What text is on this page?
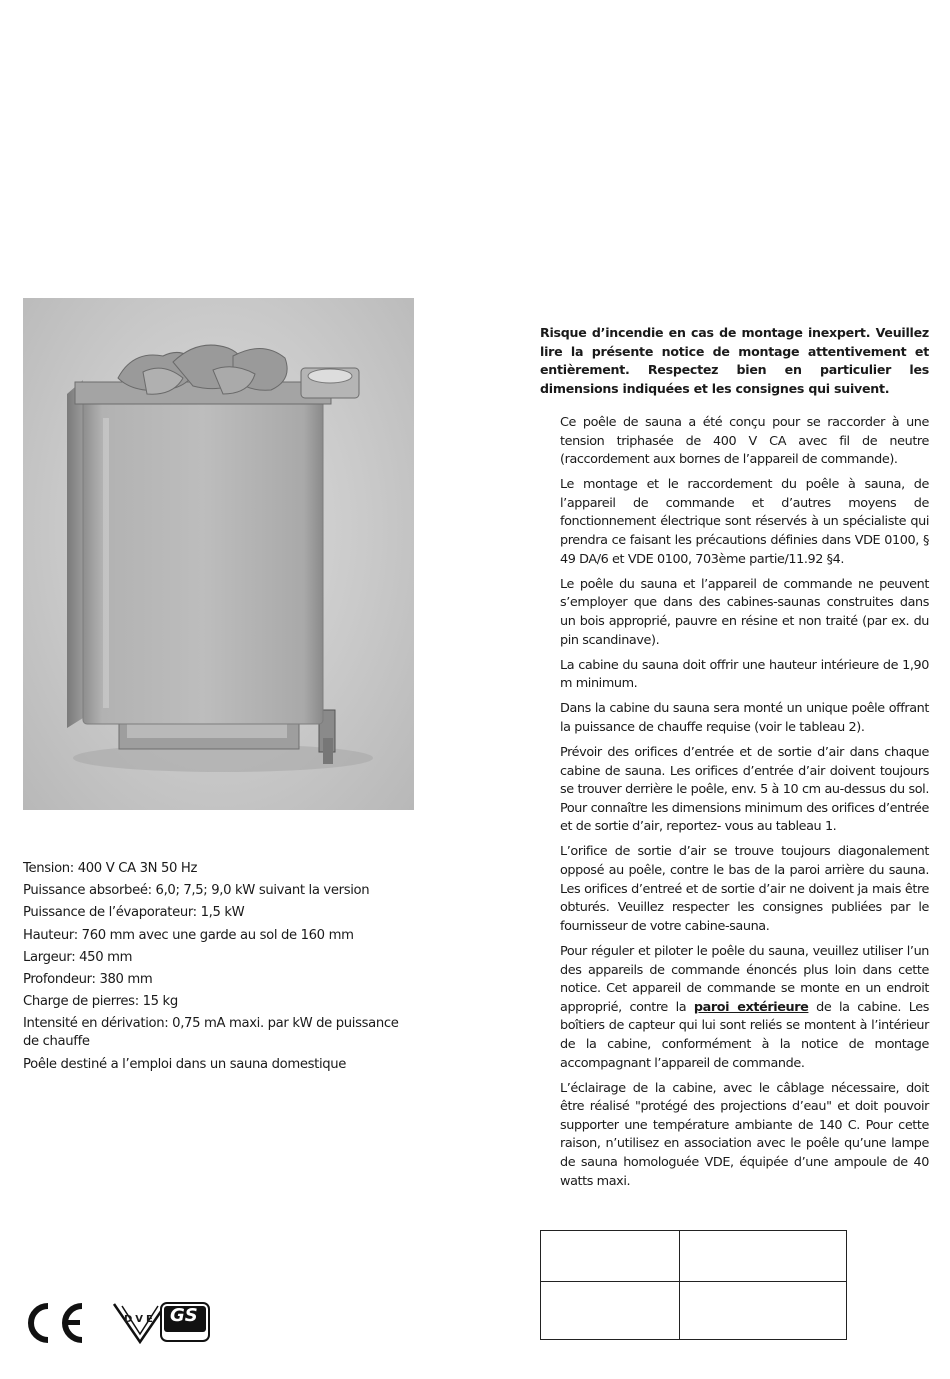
Tension: 400 V CA 3N 50 Hz

Puissance absorbeé: 6,0; 7,5; 9,0 kW suivant la version

Puissance de l’évaporateur: 1,5 kW

Hauteur: 760 mm avec une garde au sol de 160 mm

Largeur: 450 mm

Profondeur: 380 mm

Charge de pierres: 15 kg

Intensité en dérivation: 0,75 mA maxi. par kW de puissance de chauffe

Poêle destiné a l’emploi dans un sauna domestique

Risque d’incendie en cas de montage inexpert. Veuillez lire la présente notice de montage attentivement et entièrement. Respectez bien en particulier les dimensions indiquées et les consignes qui suivent.

Ce poêle de sauna a été conçu pour se raccorder à une tension triphasée de 400 V CA avec fil de neutre (raccordement aux bornes de l’appareil de commande).

Le montage et le raccordement du poêle à sauna, de l’appareil de commande et d’autres moyens de fonctionnement électrique sont réservés à un spécialiste qui prendra ce faisant les précautions définies dans VDE 0100, § 49 DA/6 et VDE 0100, 703ème partie/11.92 §4.

Le poêle du sauna et l’appareil de commande ne peuvent s’employer que dans des cabines-saunas construites dans un bois approprié, pauvre en résine et non traité (par ex. du pin scandinave).

La cabine du sauna doit offrir une hauteur intérieure de 1,90 m minimum.

Dans la cabine du sauna sera monté un unique poêle offrant la puissance de chauffe requise (voir le tableau 2).

Prévoir des orifices d’entrée et de sortie d’air dans chaque cabine de sauna. Les orifices d’entrée d’air doivent toujours se trouver derrière le poêle, env. 5 à 10 cm au-dessus du sol. Pour connaître les dimensions minimum des orifices d’entrée et de sortie d’air, reportez- vous au tableau 1.

L’orifice de sortie d’air se trouve toujours diagonalement opposé au poêle, contre le bas de la paroi arrière du sauna. Les orifices d’entreé et de sortie d’air ne doivent ja mais être obturés. Veuillez respecter les consignes publiées par le fournisseur de votre cabine-sauna.

Pour réguler et piloter le poêle du sauna, veuillez utiliser l’un des appareils de commande énoncés plus loin dans cette notice. Cet appareil de commande se monte en un endroit approprié, contre la paroi extérieure de la cabine. Les boîtiers de capteur qui lui sont reliés se montent à l’intérieur de la cabine, conformément à la notice de montage accompagnant l’appareil de commande.

L’éclairage de la cabine, avec le câblage nécessaire, doit être réalisé "protégé des projections d’eau" et doit pouvoir supporter une température ambiante de 140 C. Pour cette raison, n’utilisez en association avec le poêle qu’une lampe de sauna homologuée VDE, équipée d’une ampoule de 40 watts maxi.

DVE GS
